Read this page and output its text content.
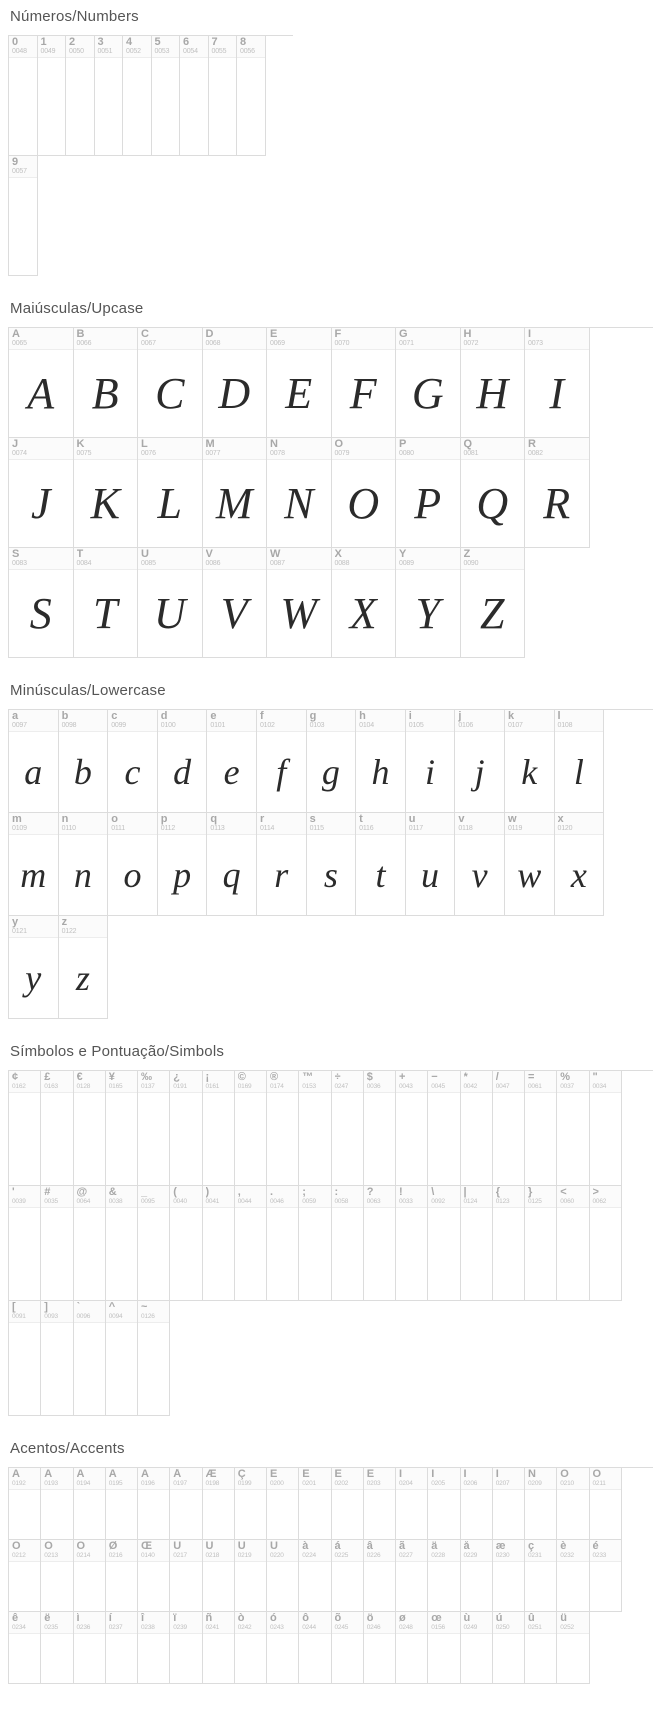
Números/Numbers
0
0048
1
0049
2
0050
3
0051
4
0052
5
0053
6
0054
7
0055
8
0056
9
0057
Maiúsculas/Upcase
A
0065
A
B
0066
B
C
0067
C
D
0068
D
E
0069
E
F
0070
F
G
0071
G
H
0072
H
I
0073
I
J
0074
J
K
0075
K
L
0076
L
M
0077
M
N
0078
N
O
0079
O
P
0080
P
Q
0081
Q
R
0082
R
S
0083
S
T
0084
T
U
0085
U
V
0086
V
W
0087
W
X
0088
X
Y
0089
Y
Z
0090
Z
Minúsculas/Lowercase
a
0097
a
b
0098
b
c
0099
c
d
0100
d
e
0101
e
f
0102
f
g
0103
g
h
0104
h
i
0105
i
j
0106
j
k
0107
k
l
0108
l
m
0109
m
n
0110
n
o
0111
o
p
0112
p
q
0113
q
r
0114
r
s
0115
s
t
0116
t
u
0117
u
v
0118
v
w
0119
w
x
0120
x
y
0121
y
z
0122
z
Símbolos e Pontuação/Simbols
¢
0162
£
0163
€
0128
¥
0165
‰
0137
¿
0191
¡
0161
©
0169
®
0174
™
0153
÷
0247
$
0036
+
0043
−
0045
*
0042
/
0047
=
0061
%
0037
"
0034
'
0039
#
0035
@
0064
&
0038
_
0095
(
0040
)
0041
,
0044
.
0046
;
0059
:
0058
?
0063
!
0033
\
0092
|
0124
{
0123
}
0125
<
0060
>
0062
[
0091
]
0093
`
0096
^
0094
~
0126
Acentos/Accents
À
0192
Á
0193
Â
0194
Ã
0195
Ä
0196
Å
0197
Æ
0198
Ç
0199
È
0200
É
0201
Ê
0202
Ë
0203
Ì
0204
Í
0205
Î
0206
Ï
0207
Ñ
0209
Ò
0210
Ó
0211
Ô
0212
Õ
0213
Ö
0214
Ø
0216
Œ
0140
Ù
0217
Ú
0218
Û
0219
Ü
0220
à
0224
á
0225
â
0226
ã
0227
ä
0228
å
0229
æ
0230
ç
0231
è
0232
é
0233
ê
0234
ë
0235
ì
0236
í
0237
î
0238
ï
0239
ñ
0241
ò
0242
ó
0243
ô
0244
õ
0245
ö
0246
ø
0248
œ
0156
ù
0249
ú
0250
û
0251
ü
0252
